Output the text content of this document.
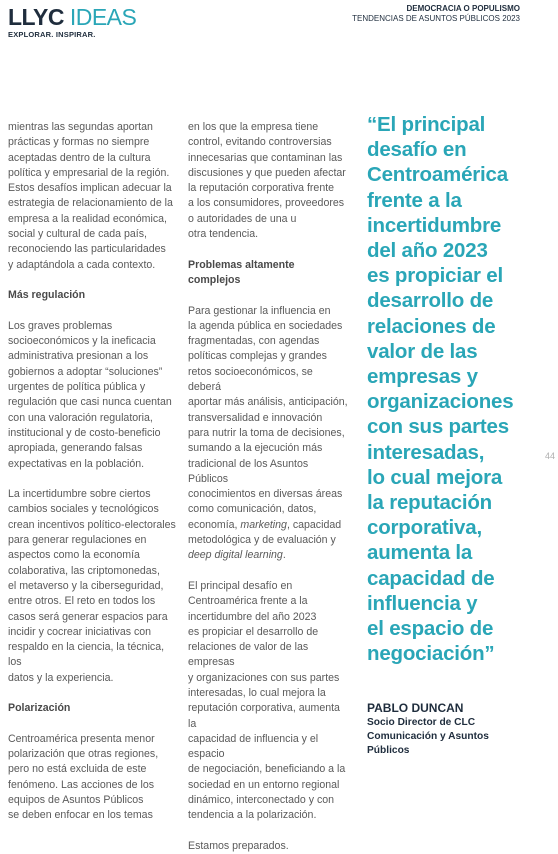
LLYC IDEAS
EXPLORAR. INSPIRAR.
DEMOCRACIA O POPULISMO
TENDENCIAS DE ASUNTOS PÚBLICOS 2023

mientras las segundas aportan
prácticas y formas no siempre
aceptadas dentro de la cultura
política y empresarial de la región.
Estos desafíos implican adecuar la
estrategia de relacionamiento de la
empresa a la realidad económica,
social y cultural de cada país,
reconociendo las particularidades
y adaptándola a cada contexto.

Más regulación

Los graves problemas
socioeconómicos y la ineficacia
administrativa presionan a los
gobiernos a adoptar “soluciones”
urgentes de política pública y
regulación que casi nunca cuentan
con una valoración regulatoria,
institucional y de costo-beneficio
apropiada, generando falsas
expectativas en la población.

La incertidumbre sobre ciertos
cambios sociales y tecnológicos
crean incentivos político-electorales
para generar regulaciones en
aspectos como la economía
colaborativa, las criptomonedas,
el metaverso y la ciberseguridad,
entre otros. El reto en todos los
casos será generar espacios para
incidir y cocrear iniciativas con
respaldo en la ciencia, la técnica, los
datos y la experiencia.

Polarización

Centroamérica presenta menor
polarización que otras regiones,
pero no está excluida de este
fenómeno. Las acciones de los
equipos de Asuntos Públicos
se deben enfocar en los temas

en los que la empresa tiene
control, evitando controversias
innecesarias que contaminan las
discusiones y que pueden afectar
la reputación corporativa frente
a los consumidores, proveedores
o autoridades de una u
otra tendencia.

Problemas altamente complejos

Para gestionar la influencia en
la agenda pública en sociedades
fragmentadas, con agendas
políticas complejas y grandes
retos socioeconómicos, se deberá
aportar más análisis, anticipación,
transversalidad e innovación
para nutrir la toma de decisiones,
sumando a la ejecución más
tradicional de los Asuntos Públicos
conocimientos en diversas áreas
como comunicación, datos,
economía, marketing, capacidad
metodológica y de evaluación y
deep digital learning.

El principal desafío en
Centroamérica frente a la
incertidumbre del año 2023
es propiciar el desarrollo de
relaciones de valor de las empresas
y organizaciones con sus partes
interesadas, lo cual mejora la
reputación corporativa, aumenta la
capacidad de influencia y el espacio
de negociación, beneficiando a la
sociedad en un entorno regional
dinámico, interconectado y con
tendencia a la polarización.

Estamos preparados.

“El principal
desafío en
Centroamérica
frente a la
incertidumbre
del año 2023
es propiciar el
desarrollo de
relaciones de
valor de las
empresas y
organizaciones
con sus partes
interesadas,
lo cual mejora
la reputación
corporativa,
aumenta la
capacidad de
influencia y
el espacio de
negociación”
PABLO DUNCAN
Socio Director de CLC
Comunicación y Asuntos
Públicos
44
